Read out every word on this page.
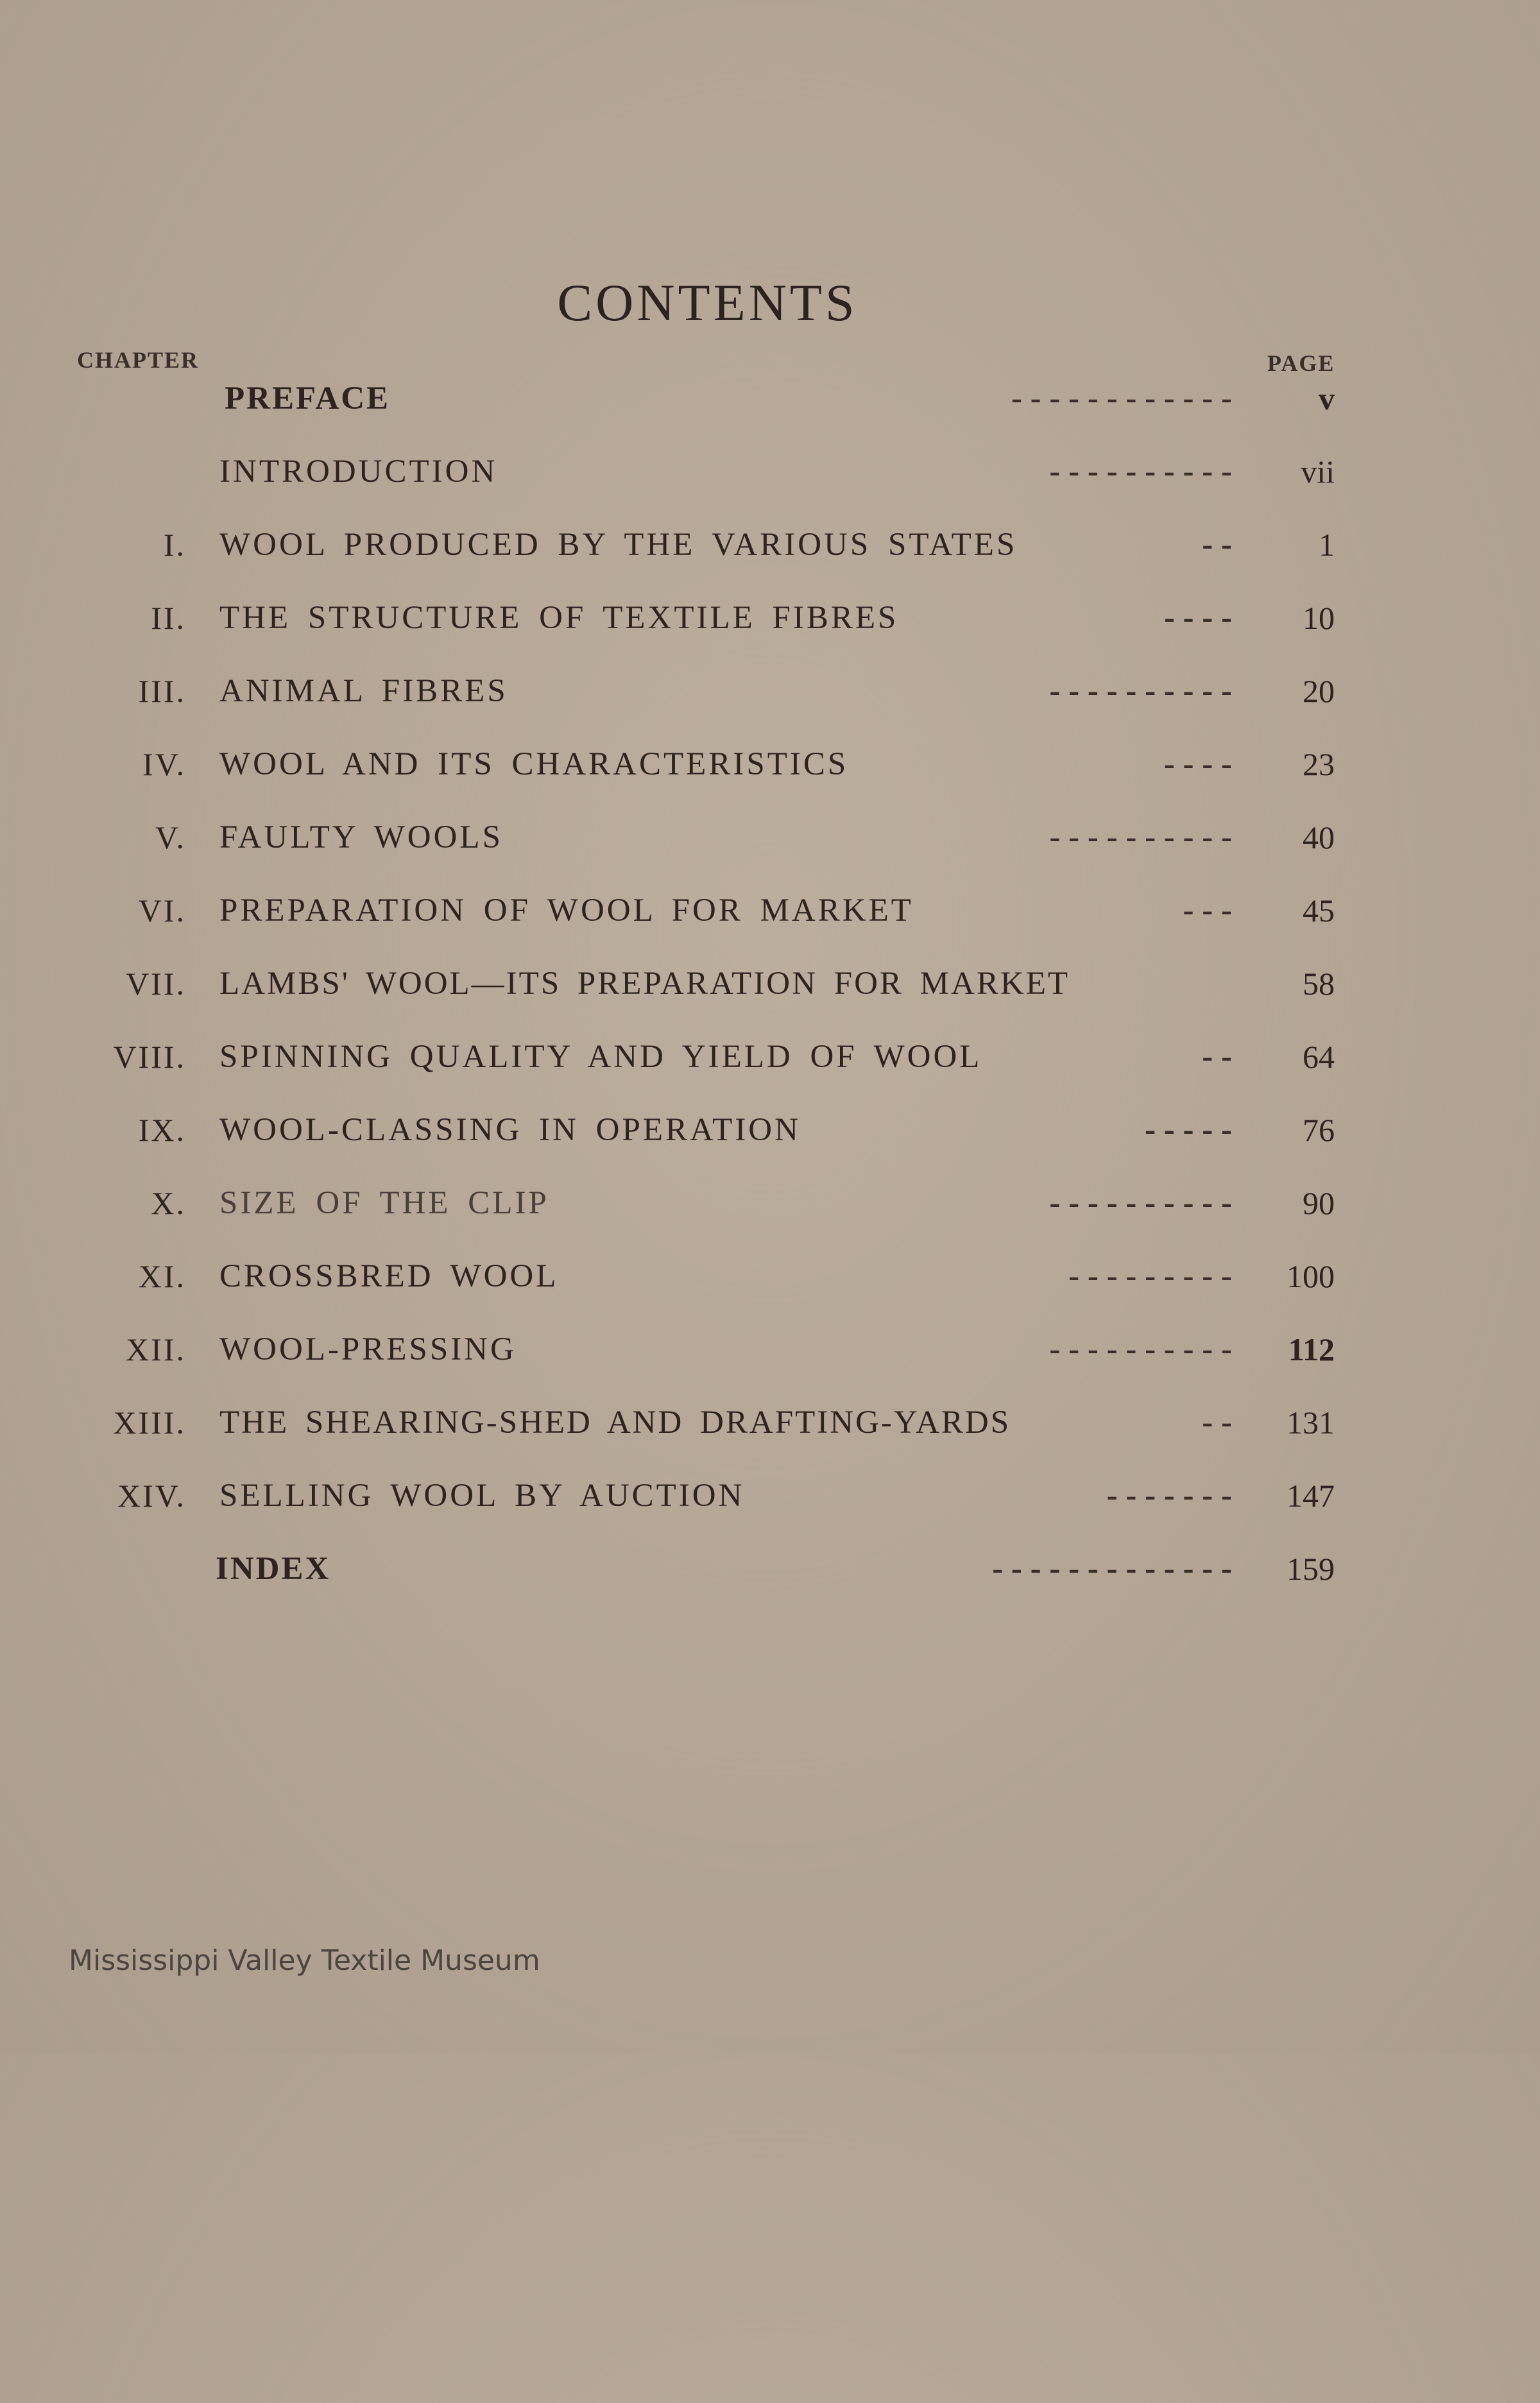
CONTENTS
CHAPTER	PAGE
PREFACE	- - - - - - - - - - - -	v
INTRODUCTION	- - - - - - - - - - vii
I. WOOL PRODUCED BY THE VARIOUS STATES	- -	1
II. THE STRUCTURE OF TEXTILE FIBRES	- - - - 10
III. ANIMAL FIBRES	- - - - - - - - - - 20
IV. WOOL AND ITS CHARACTERISTICS	- - - - 23
V. FAULTY WOOLS	- - - - - - - - - - 40
VI. PREPARATION OF WOOL FOR MARKET	- - - 45
VII. LAMBS' WOOL—ITS PREPARATION FOR MARKET	58
VIII. SPINNING QUALITY AND YIELD OF WOOL	- - 64
IX. WOOL-CLASSING IN OPERATION	- - - - - 76
X. SIZE OF THE CLIP	- - - - - - - - - - 90
XI. CROSSBRED WOOL	- - - - - - - - - 100
XII. WOOL-PRESSING	- - - - - - - - - - 112
XIII. THE SHEARING-SHED AND DRAFTING-YARDS	- - 131
XIV. SELLING WOOL BY AUCTION	- - - - - - - 147
INDEX	- - - - - - - - - - - - - 159
Mississippi Valley Textile Museum
